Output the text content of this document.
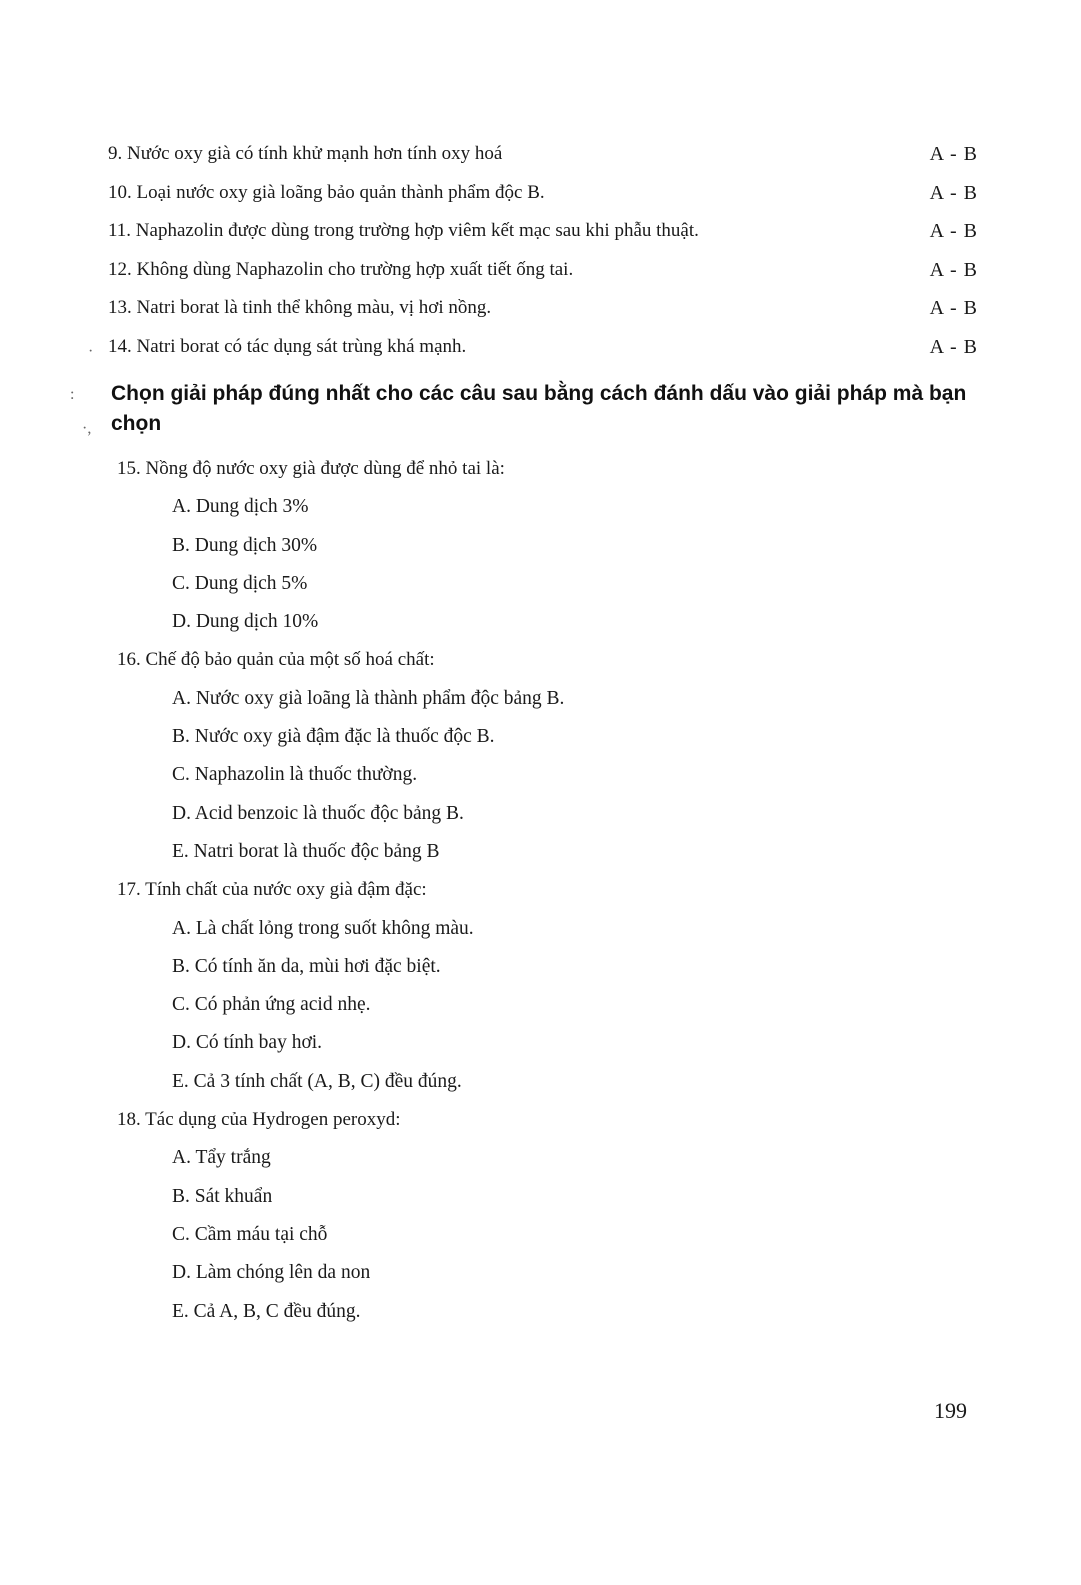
9. Nước oxy già có tính khử mạnh hơn tính oxy hoá	A - B
10. Loại nước oxy già loãng bảo quản thành phẩm độc B.	A - B
11. Naphazolin được dùng trong trường hợp viêm kết mạc sau khi phẫu thuật.	A - B
12. Không dùng Naphazolin cho trường hợp xuất tiết ống tai.	A - B
13. Natri borat là tinh thể không màu, vị hơi nồng.	A - B
14. Natri borat có tác dụng sát trùng khá mạnh.	A - B
·
:
·,
Chọn giải pháp đúng nhất cho các câu sau bằng cách đánh dấu vào giải pháp mà bạn chọn
15. Nồng độ nước oxy già được dùng để nhỏ tai là:
A. Dung dịch 3%
B. Dung dịch 30%
C. Dung dịch 5%
D. Dung dịch 10%
16. Chế độ bảo quản của một số hoá chất:
A. Nước oxy già loãng là thành phẩm độc bảng B.
B. Nước oxy già đậm đặc là thuốc độc B.
C. Naphazolin là thuốc thường.
D. Acid benzoic là thuốc độc bảng B.
E. Natri borat là thuốc độc bảng B
17. Tính chất của nước oxy già đậm đặc:
A. Là chất lỏng trong suốt không màu.
B. Có tính ăn da, mùi hơi đặc biệt.
C. Có phản ứng acid nhẹ.
D. Có tính bay hơi.
E. Cả 3 tính chất (A, B, C) đều đúng.
18. Tác dụng của Hydrogen peroxyd:
A. Tẩy trắng
B. Sát khuẩn
C. Cầm máu tại chỗ
D. Làm chóng lên da non
E. Cả A, B, C đều đúng.
199
